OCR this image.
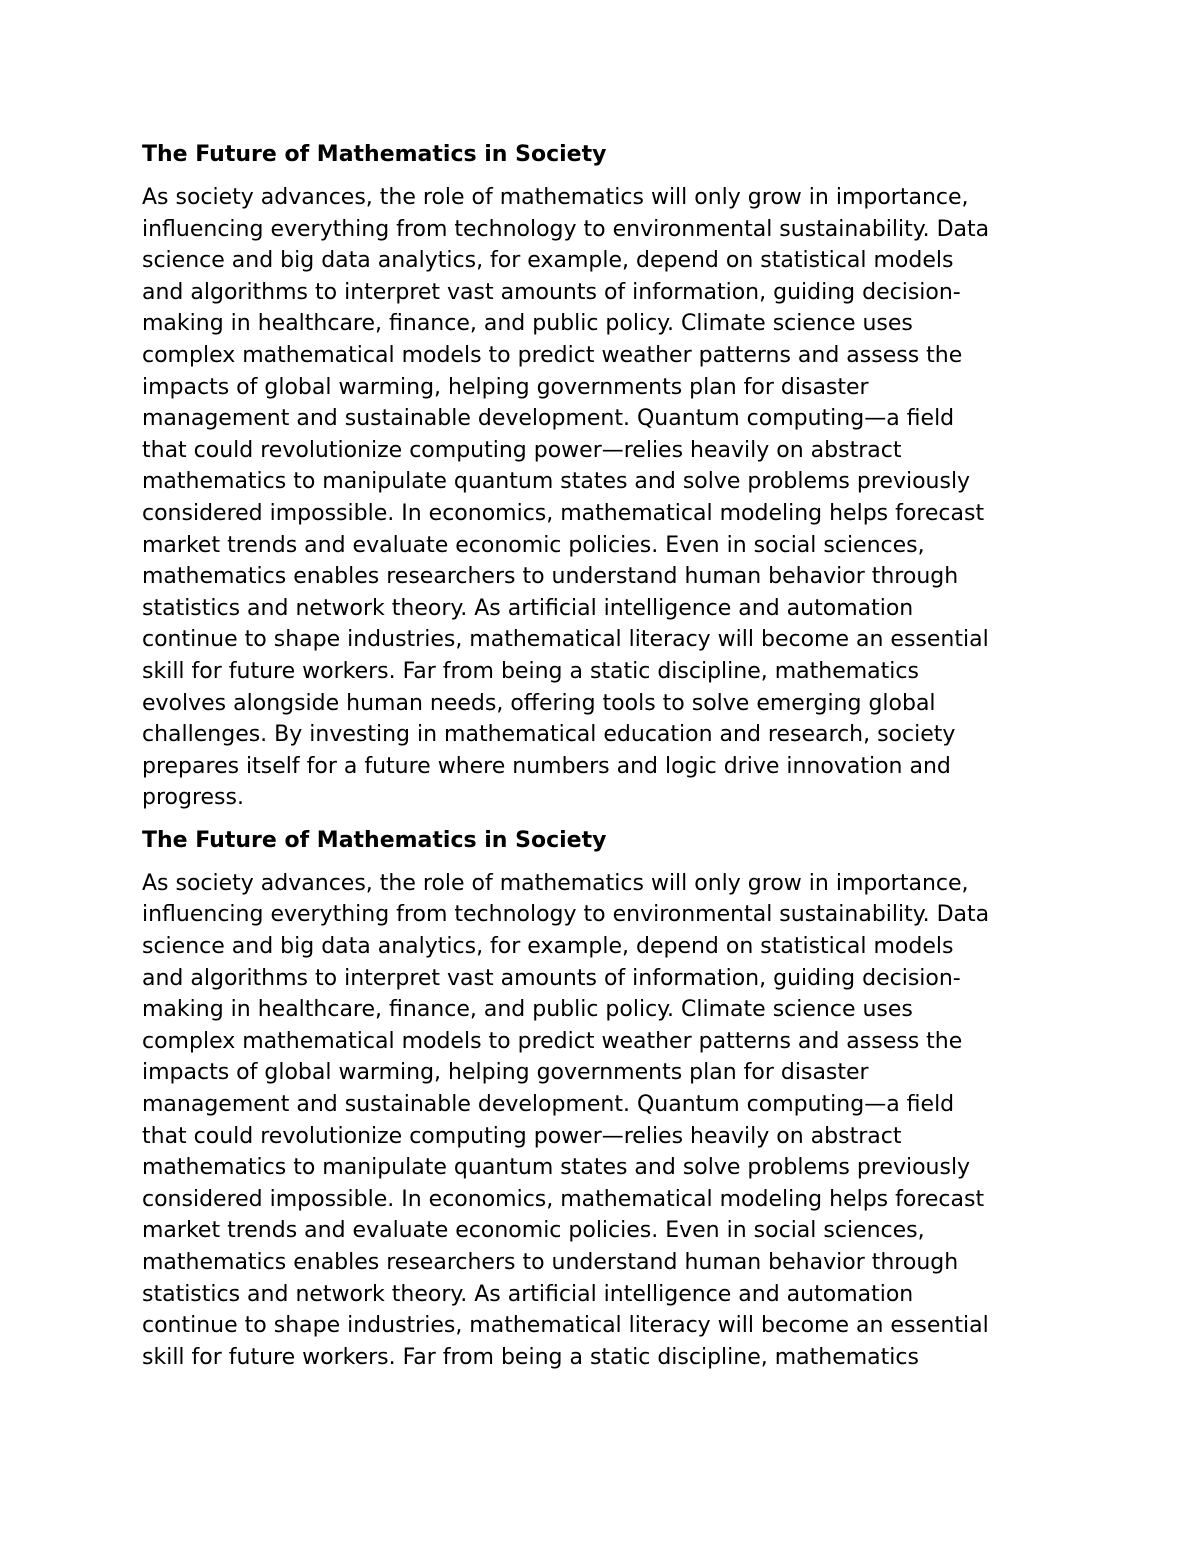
The Future of Mathematics in Society
As society advances, the role of mathematics will only grow in importance,
influencing everything from technology to environmental sustainability. Data
science and big data analytics, for example, depend on statistical models
and algorithms to interpret vast amounts of information, guiding decision-
making in healthcare, finance, and public policy. Climate science uses
complex mathematical models to predict weather patterns and assess the
impacts of global warming, helping governments plan for disaster
management and sustainable development. Quantum computing—a field
that could revolutionize computing power—relies heavily on abstract
mathematics to manipulate quantum states and solve problems previously
considered impossible. In economics, mathematical modeling helps forecast
market trends and evaluate economic policies. Even in social sciences,
mathematics enables researchers to understand human behavior through
statistics and network theory. As artificial intelligence and automation
continue to shape industries, mathematical literacy will become an essential
skill for future workers. Far from being a static discipline, mathematics
evolves alongside human needs, offering tools to solve emerging global
challenges. By investing in mathematical education and research, society
prepares itself for a future where numbers and logic drive innovation and
progress.
The Future of Mathematics in Society
As society advances, the role of mathematics will only grow in importance,
influencing everything from technology to environmental sustainability. Data
science and big data analytics, for example, depend on statistical models
and algorithms to interpret vast amounts of information, guiding decision-
making in healthcare, finance, and public policy. Climate science uses
complex mathematical models to predict weather patterns and assess the
impacts of global warming, helping governments plan for disaster
management and sustainable development. Quantum computing—a field
that could revolutionize computing power—relies heavily on abstract
mathematics to manipulate quantum states and solve problems previously
considered impossible. In economics, mathematical modeling helps forecast
market trends and evaluate economic policies. Even in social sciences,
mathematics enables researchers to understand human behavior through
statistics and network theory. As artificial intelligence and automation
continue to shape industries, mathematical literacy will become an essential
skill for future workers. Far from being a static discipline, mathematics
